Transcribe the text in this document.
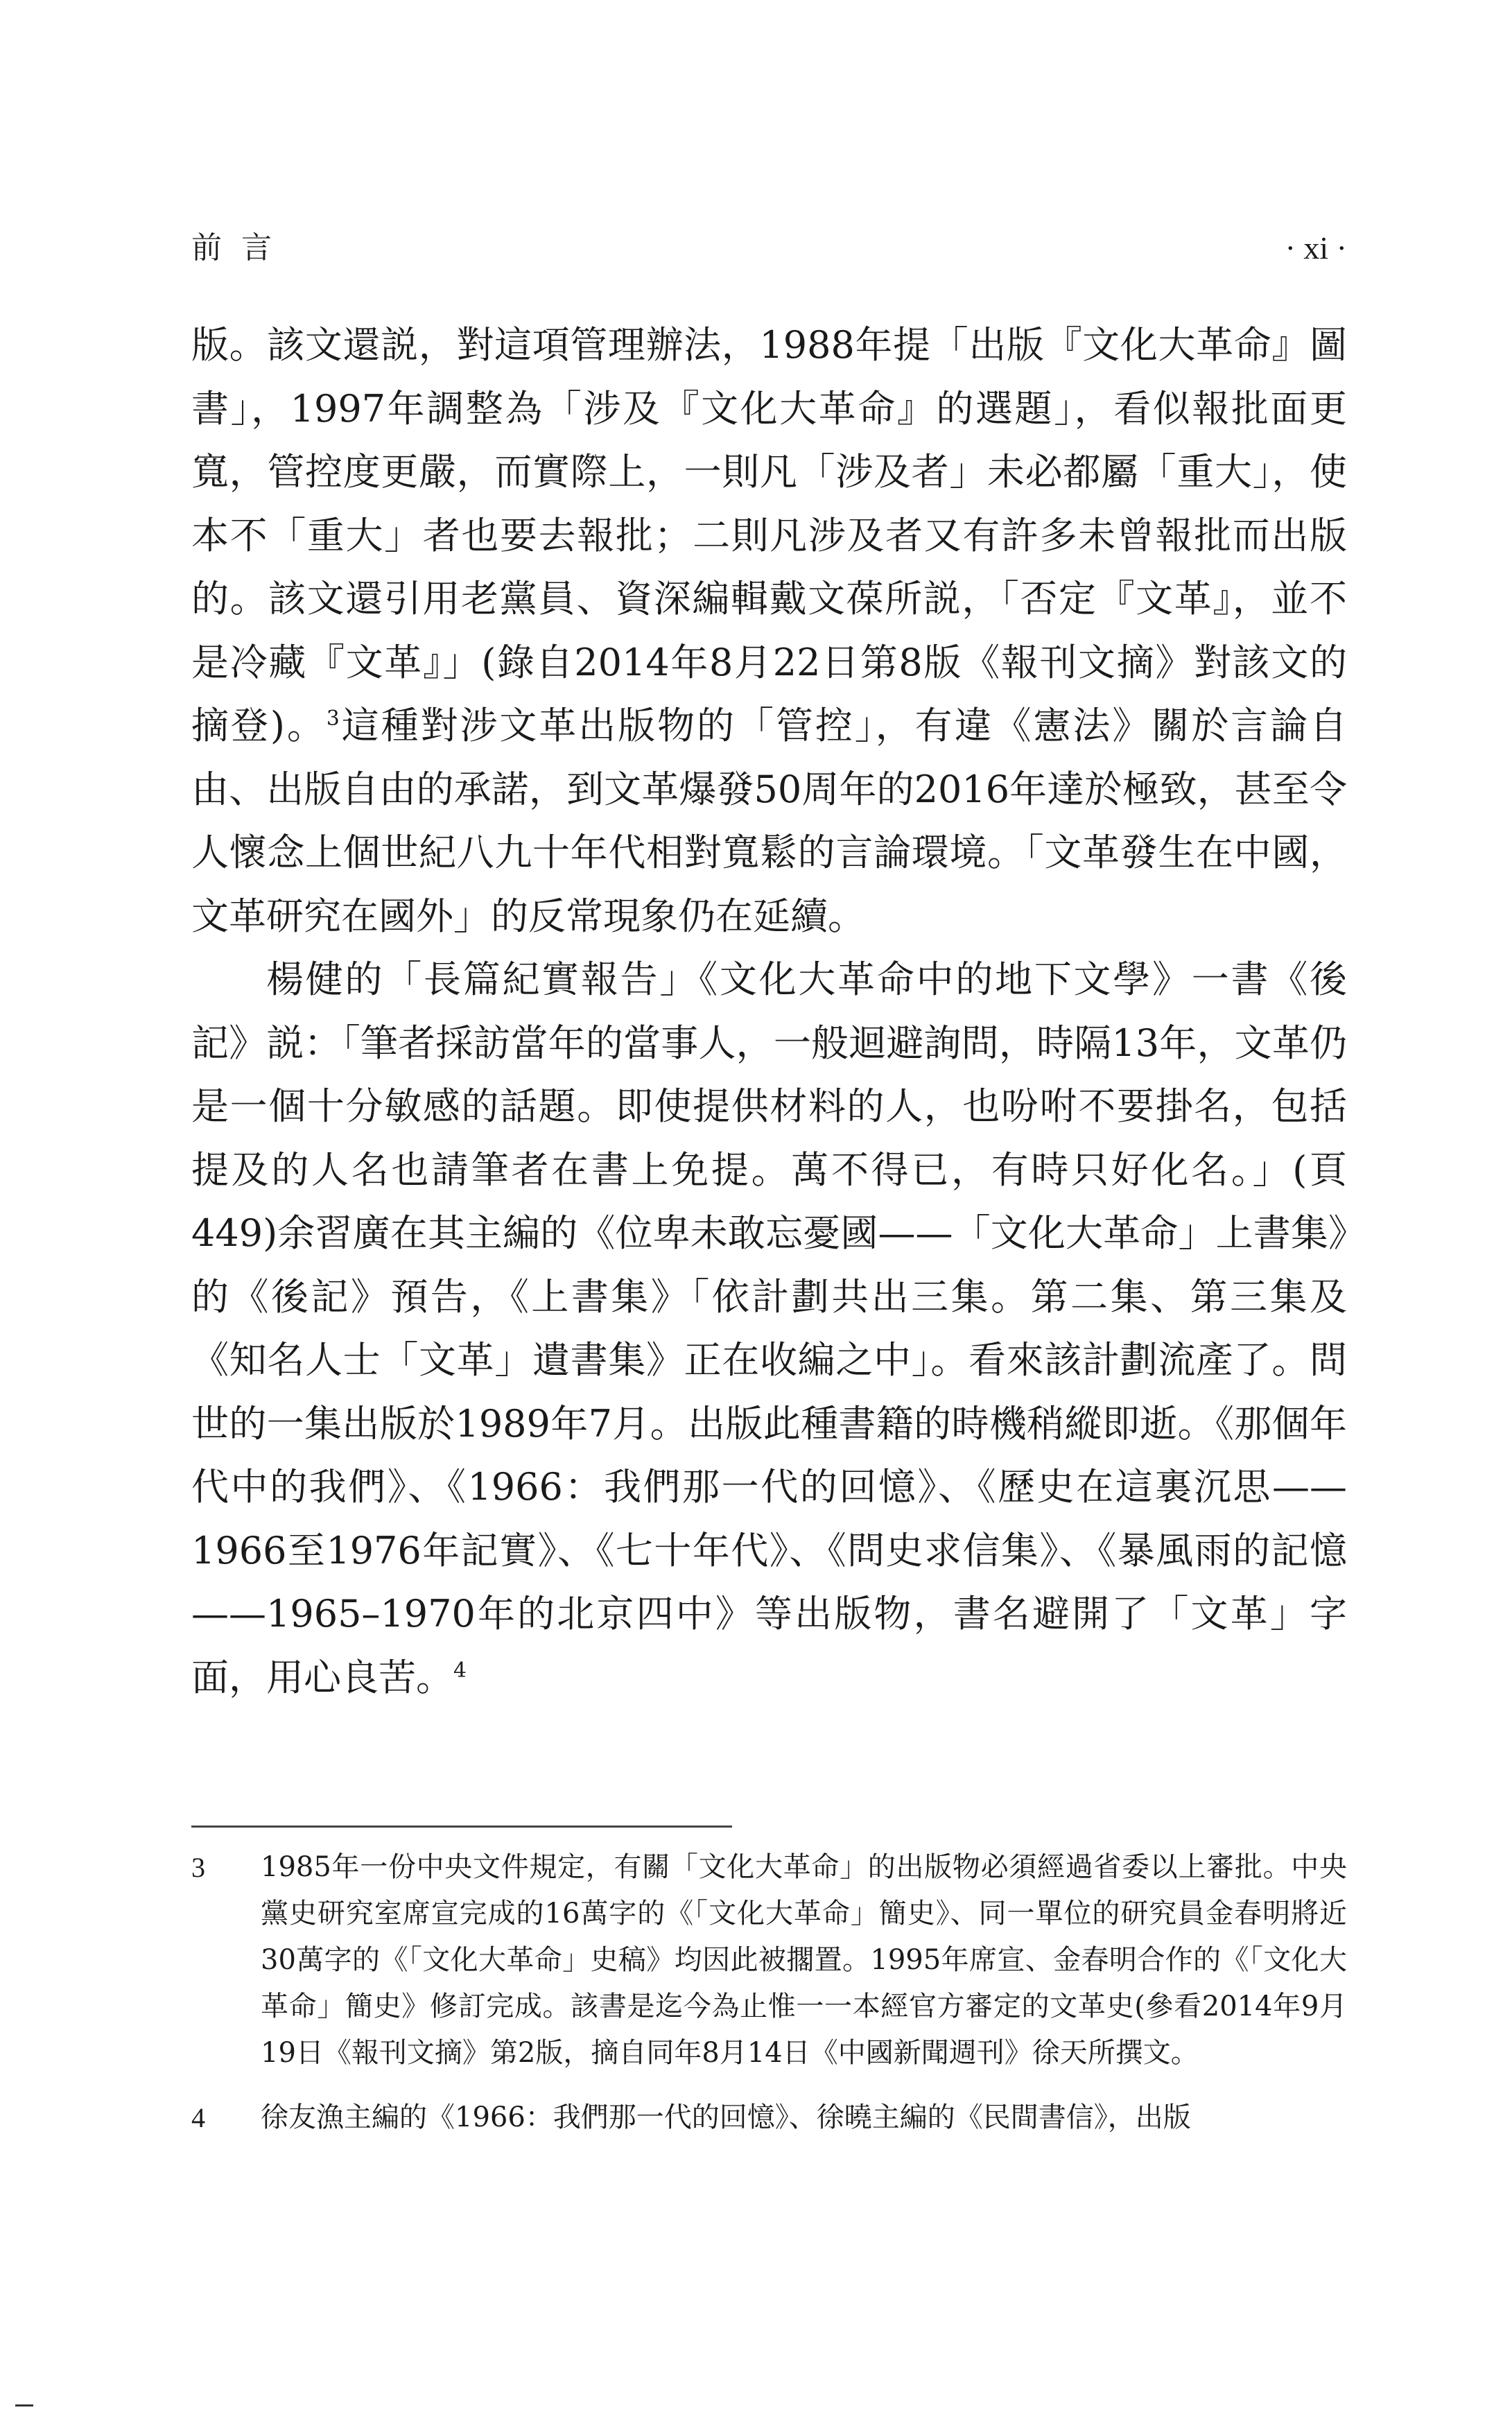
前言	· xi ·

版。該文還説，對這項管理辦法，1988年提「出版『文化大革命』圖書」，1997年調整為「涉及『文化大革命』的選題」，看似報批面更寬，管控度更嚴，而實際上，一則凡「涉及者」未必都屬「重大」，使本不「重大」者也要去報批；二則凡涉及者又有許多未曾報批而出版的。該文還引用老黨員、資深編輯戴文葆所説，「否定『文革』，並不是冷藏『文革』」(錄自2014年8月22日第8版《報刊文摘》對該文的摘登)。$^3$這種對涉文革出版物的「管控」，有違《憲法》關於言論自由、出版自由的承諾，到文革爆發50周年的2016年達於極致，甚至令人懷念上個世紀八九十年代相對寬鬆的言論環境。「文革發生在中國，文革研究在國外」的反常現象仍在延續。

楊健的「長篇紀實報告」《文化大革命中的地下文學》一書《後記》説：「筆者採訪當年的當事人，一般迴避詢問，時隔13年，文革仍是一個十分敏感的話題。即使提供材料的人，也吩咐不要掛名，包括提及的人名也請筆者在書上免提。萬不得已，有時只好化名。」(頁449)余習廣在其主編的《位卑未敢忘憂國——「文化大革命」上書集》的《後記》預告，《上書集》「依計劃共出三集。第二集、第三集及《知名人士「文革」遺書集》正在收編之中」。看來該計劃流產了。問世的一集出版於1989年7月。出版此種書籍的時機稍縱即逝。《那個年代中的我們》、《1966：我們那一代的回憶》、《歷史在這裏沉思——1966至1976年記實》、《七十年代》、《問史求信集》、《暴風雨的記憶——1965–1970年的北京四中》等出版物，書名避開了「文革」字面，用心良苦。$^4$

3	1985年一份中央文件規定，有關「文化大革命」的出版物必須經過省委以上審批。中央黨史研究室席宣完成的16萬字的《「文化大革命」簡史》、同一單位的研究員金春明將近30萬字的《「文化大革命」史稿》均因此被擱置。1995年席宣、金春明合作的《「文化大革命」簡史》修訂完成。該書是迄今為止惟一一本經官方審定的文革史(參看2014年9月19日《報刊文摘》第2版，摘自同年8月14日《中國新聞週刊》徐天所撰文。
4	徐友漁主編的《1966：我們那一代的回憶》、徐曉主編的《民間書信》，出版
